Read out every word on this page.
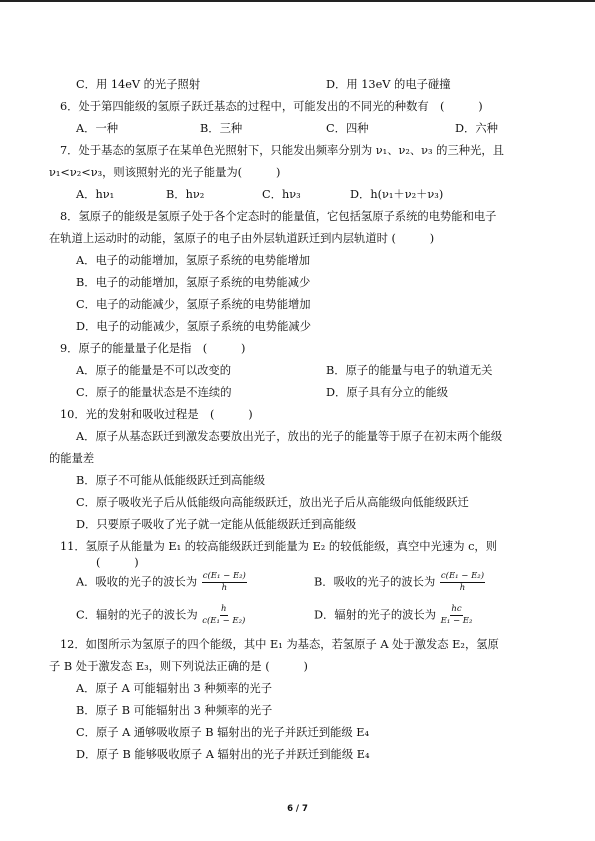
C．用 14eV 的光子照射	D．用 13eV 的电子碰撞
6．处于第四能级的氢原子跃迁基态的过程中，可能发出的不同光的种数有　(　　　)
A．一种	B．三种	C．四种	D．六种
7．处于基态的氢原子在某单色光照射下，只能发出频率分别为 ν₁、ν₂、ν₃ 的三种光，且
ν₁<ν₂<ν₃，则该照射光的光子能量为(　　　)
A．hν₁	B．hν₂	C．hν₃	D．h(ν₁＋ν₂＋ν₃)
8．氢原子的能级是氢原子处于各个定态时的能量值，它包括氢原子系统的电势能和电子
在轨道上运动时的动能，氢原子的电子由外层轨道跃迁到内层轨道时 (　　　)
A．电子的动能增加，氢原子系统的电势能增加
B．电子的动能增加，氢原子系统的电势能减少
C．电子的动能减少，氢原子系统的电势能增加
D．电子的动能减少，氢原子系统的电势能减少
9．原子的能量量子化是指　(　　　)
A．原子的能量是不可以改变的	B．原子的能量与电子的轨道无关
C．原子的能量状态是不连续的	D．原子具有分立的能级
10．光的发射和吸收过程是　(　　　)
A．原子从基态跃迁到激发态要放出光子，放出的光子的能量等于原子在初末两个能级
的能量差
B．原子不可能从低能级跃迁到高能级
C．原子吸收光子后从低能级向高能级跃迁，放出光子后从高能级向低能级跃迁
D．只要原子吸收了光子就一定能从低能级跃迁到高能级
11．氢原子从能量为 E₁ 的较高能级跃迁到能量为 E₂ 的较低能级，真空中光速为 c，则
(　　　)
A．吸收的光子的波长为 $\frac{\text{c(E₁ − E₂)}}{h}$	B．吸收的光子的波长为 $\frac{\text{c(E₁ − E₂)}}{h}$
C．辐射的光子的波长为 $\frac{h}{\text{c(E₁ − E₂)}}$	D．辐射的光子的波长为 $\frac{hc}{\text{E₁ − E₂}}$
12．如图所示为氢原子的四个能级，其中 E₁ 为基态，若氢原子 A 处于激发态 E₂，氢原
子 B 处于激发态 E₃，则下列说法正确的是 (　　　)
A．原子 A 可能辐射出 3 种频率的光子
B．原子 B 可能辐射出 3 种频率的光子
C．原子 A 通够吸收原子 B 辐射出的光子并跃迁到能级 E₄
D．原子 B 能够吸收原子 A 辐射出的光子并跃迁到能级 E₄
6 / 7
